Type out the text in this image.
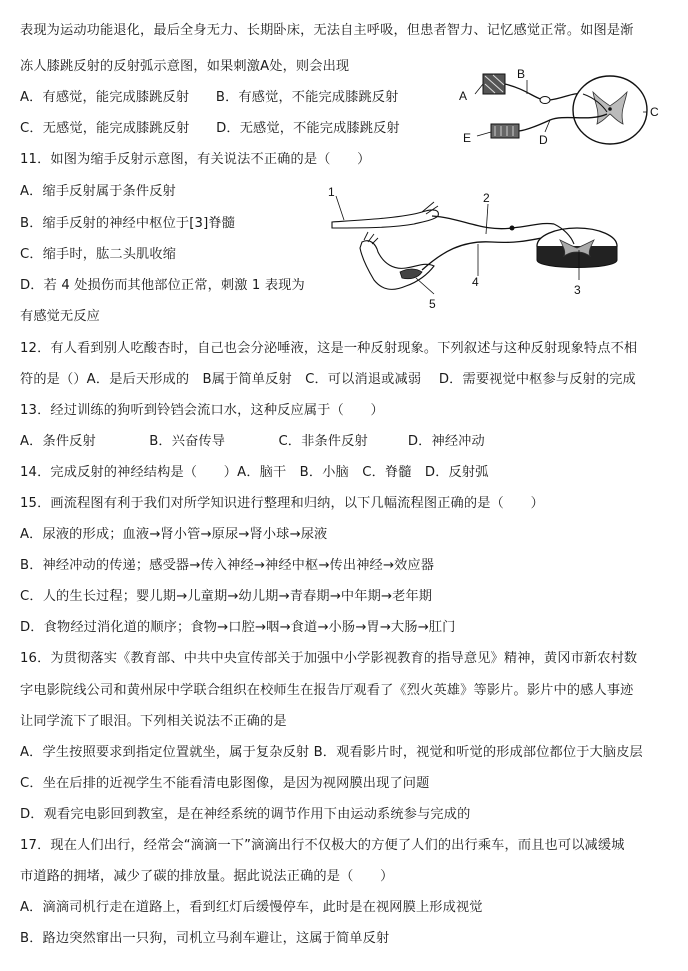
表现为运动功能退化，最后全身无力、长期卧床，无法自主呼吸，但患者智力、记忆感觉正常。如图是渐
冻人膝跳反射的反射弧示意图，如果刺激A处，则会出现
A．有感觉，能完成膝跳反射　　B．有感觉，不能完成膝跳反射
C．无感觉，能完成膝跳反射　　D．无感觉，不能完成膝跳反射
A
B
C
D
E
11．如图为缩手反射示意图，有关说法不正确的是（　　）
A．缩手反射属于条件反射
B．缩手反射的神经中枢位于[3]脊髓
C．缩手时，肱二头肌收缩
D．若 4 处损伤而其他部位正常，刺激 1 表现为
有感觉无反应
1	2
3
4
5
12．有人看到别人吃酸杏时，自己也会分泌唾液，这是一种反射现象。下列叙述与这种反射现象特点不相
符的是（）A．是后天形成的　B属于简单反射　C．可以消退或减弱　 D．需要视觉中枢参与反射的完成
13．经过训练的狗听到铃铛会流口水，这种反应属于（　　）
A．条件反射　　　　B．兴奋传导　　　　C．非条件反射　　　D．神经冲动
14．完成反射的神经结构是（　　）A．脑干　B．小脑　C．脊髓　D．反射弧
15．画流程图有利于我们对所学知识进行整理和归纳，以下几幅流程图正确的是（　　）
A．尿液的形成；血液→肾小管→原尿→肾小球→尿液
B．神经冲动的传递；感受器→传入神经→神经中枢→传出神经→效应器
C．人的生长过程；婴儿期→儿童期→幼儿期→青春期→中年期→老年期
D．食物经过消化道的顺序；食物→口腔→咽→食道→小肠→胃→大肠→肛门
16．为贯彻落实《教育部、中共中央宣传部关于加强中小学影视教育的指导意见》精神，黄冈市新农村数
字电影院线公司和黄州尿中学联合组织在校师生在报告厅观看了《烈火英雄》等影片。影片中的感人事迹
让同学流下了眼泪。下列相关说法不正确的是
A．学生按照要求到指定位置就坐，属于复杂反射 B．观看影片时，视觉和听觉的形成部位都位于大脑皮层
C．坐在后排的近视学生不能看清电影图像，是因为视网膜出现了问题
D．观看完电影回到教室，是在神经系统的调节作用下由运动系统参与完成的
17．现在人们出行，经常会“滴滴一下”滴滴出行不仅极大的方便了人们的出行乘车，而且也可以减缓城
市道路的拥堵，减少了碳的排放量。据此说法正确的是（　　）
A．滴滴司机行走在道路上，看到红灯后缓慢停车，此时是在视网膜上形成视觉
B．路边突然窜出一只狗，司机立马刹车避让，这属于简单反射
